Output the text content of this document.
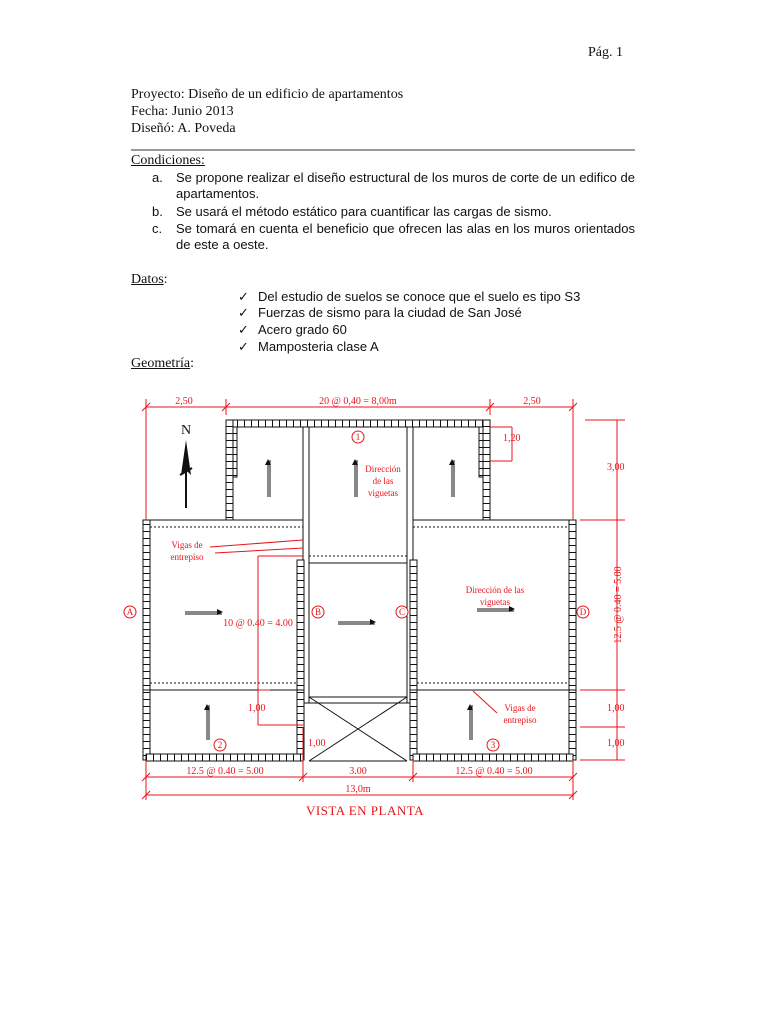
Pág. 1
Proyecto: Diseño de un edificio de apartamentos
Fecha: Junio 2013
Diseñó: A. Poveda
Condiciones:
a. Se propone realizar el diseño estructural de los muros de corte de un edifico de apartamentos.
b. Se usará el método estático para cuantificar las cargas de sismo.
c. Se tomará en cuenta el beneficio que ofrecen las alas en los muros orientados de este a oeste.
Datos:
✓ Del estudio de suelos se conoce que el suelo es tipo S3
✓ Fuerzas de sismo para la ciudad de San José
✓ Acero grado 60
✓ Mamposteria clase A
Geometría:
N
A	B	C	D
1
2	3
2,50	20 @ 0,40 = 8,00m	2,50
1,20
3,00
12.5 @ 0.40 = 5.00
1,00
1,00
10 @ 0.40 = 4.00
1,00
1,00
12.5 @ 0.40 = 5.00	3.00	12.5 @ 0.40 = 5.00
13,0m
Dirección
de las
viguetas
Vigas de
entrepiso
Dirección de las
viguetas
Vigas de
entrepiso
VISTA EN PLANTA
